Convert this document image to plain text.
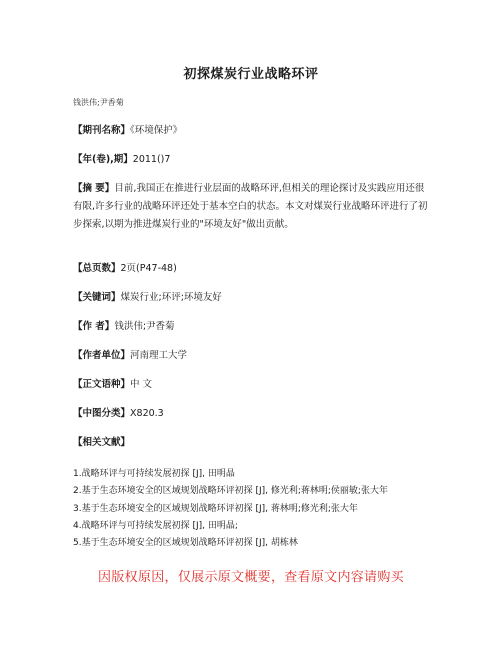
初探煤炭行业战略环评
钱洪伟;尹香菊
【期刊名称】《环境保护》
【年(卷),期】2011()7
【摘 要】目前,我国正在推进行业层面的战略环评,但相关的理论探讨及实践应用还很有限,许多行业的战略环评还处于基本空白的状态。本文对煤炭行业战略环评进行了初步探索,以期为推进煤炭行业的"环境友好"做出贡献。
【总页数】2页(P47-48)
【关键词】煤炭行业;环评;环境友好
【作 者】钱洪伟;尹香菊
【作者单位】河南理工大学
【正文语种】中 文
【中图分类】X820.3
【相关文献】
1.战略环评与可持续发展初探 [J], 田明晶
2.基于生态环境安全的区域规划战略环评初探 [J], 修光利;蒋林明;侯丽敏;张大年
3.基于生态环境安全的区域规划战略环评初探 [J], 蒋林明;修光利;张大年
4.战略环评与可持续发展初探 [J], 田明晶;
5.基于生态环境安全的区域规划战略环评初探 [J], 胡栋林
因版权原因，仅展示原文概要，查看原文内容请购买
